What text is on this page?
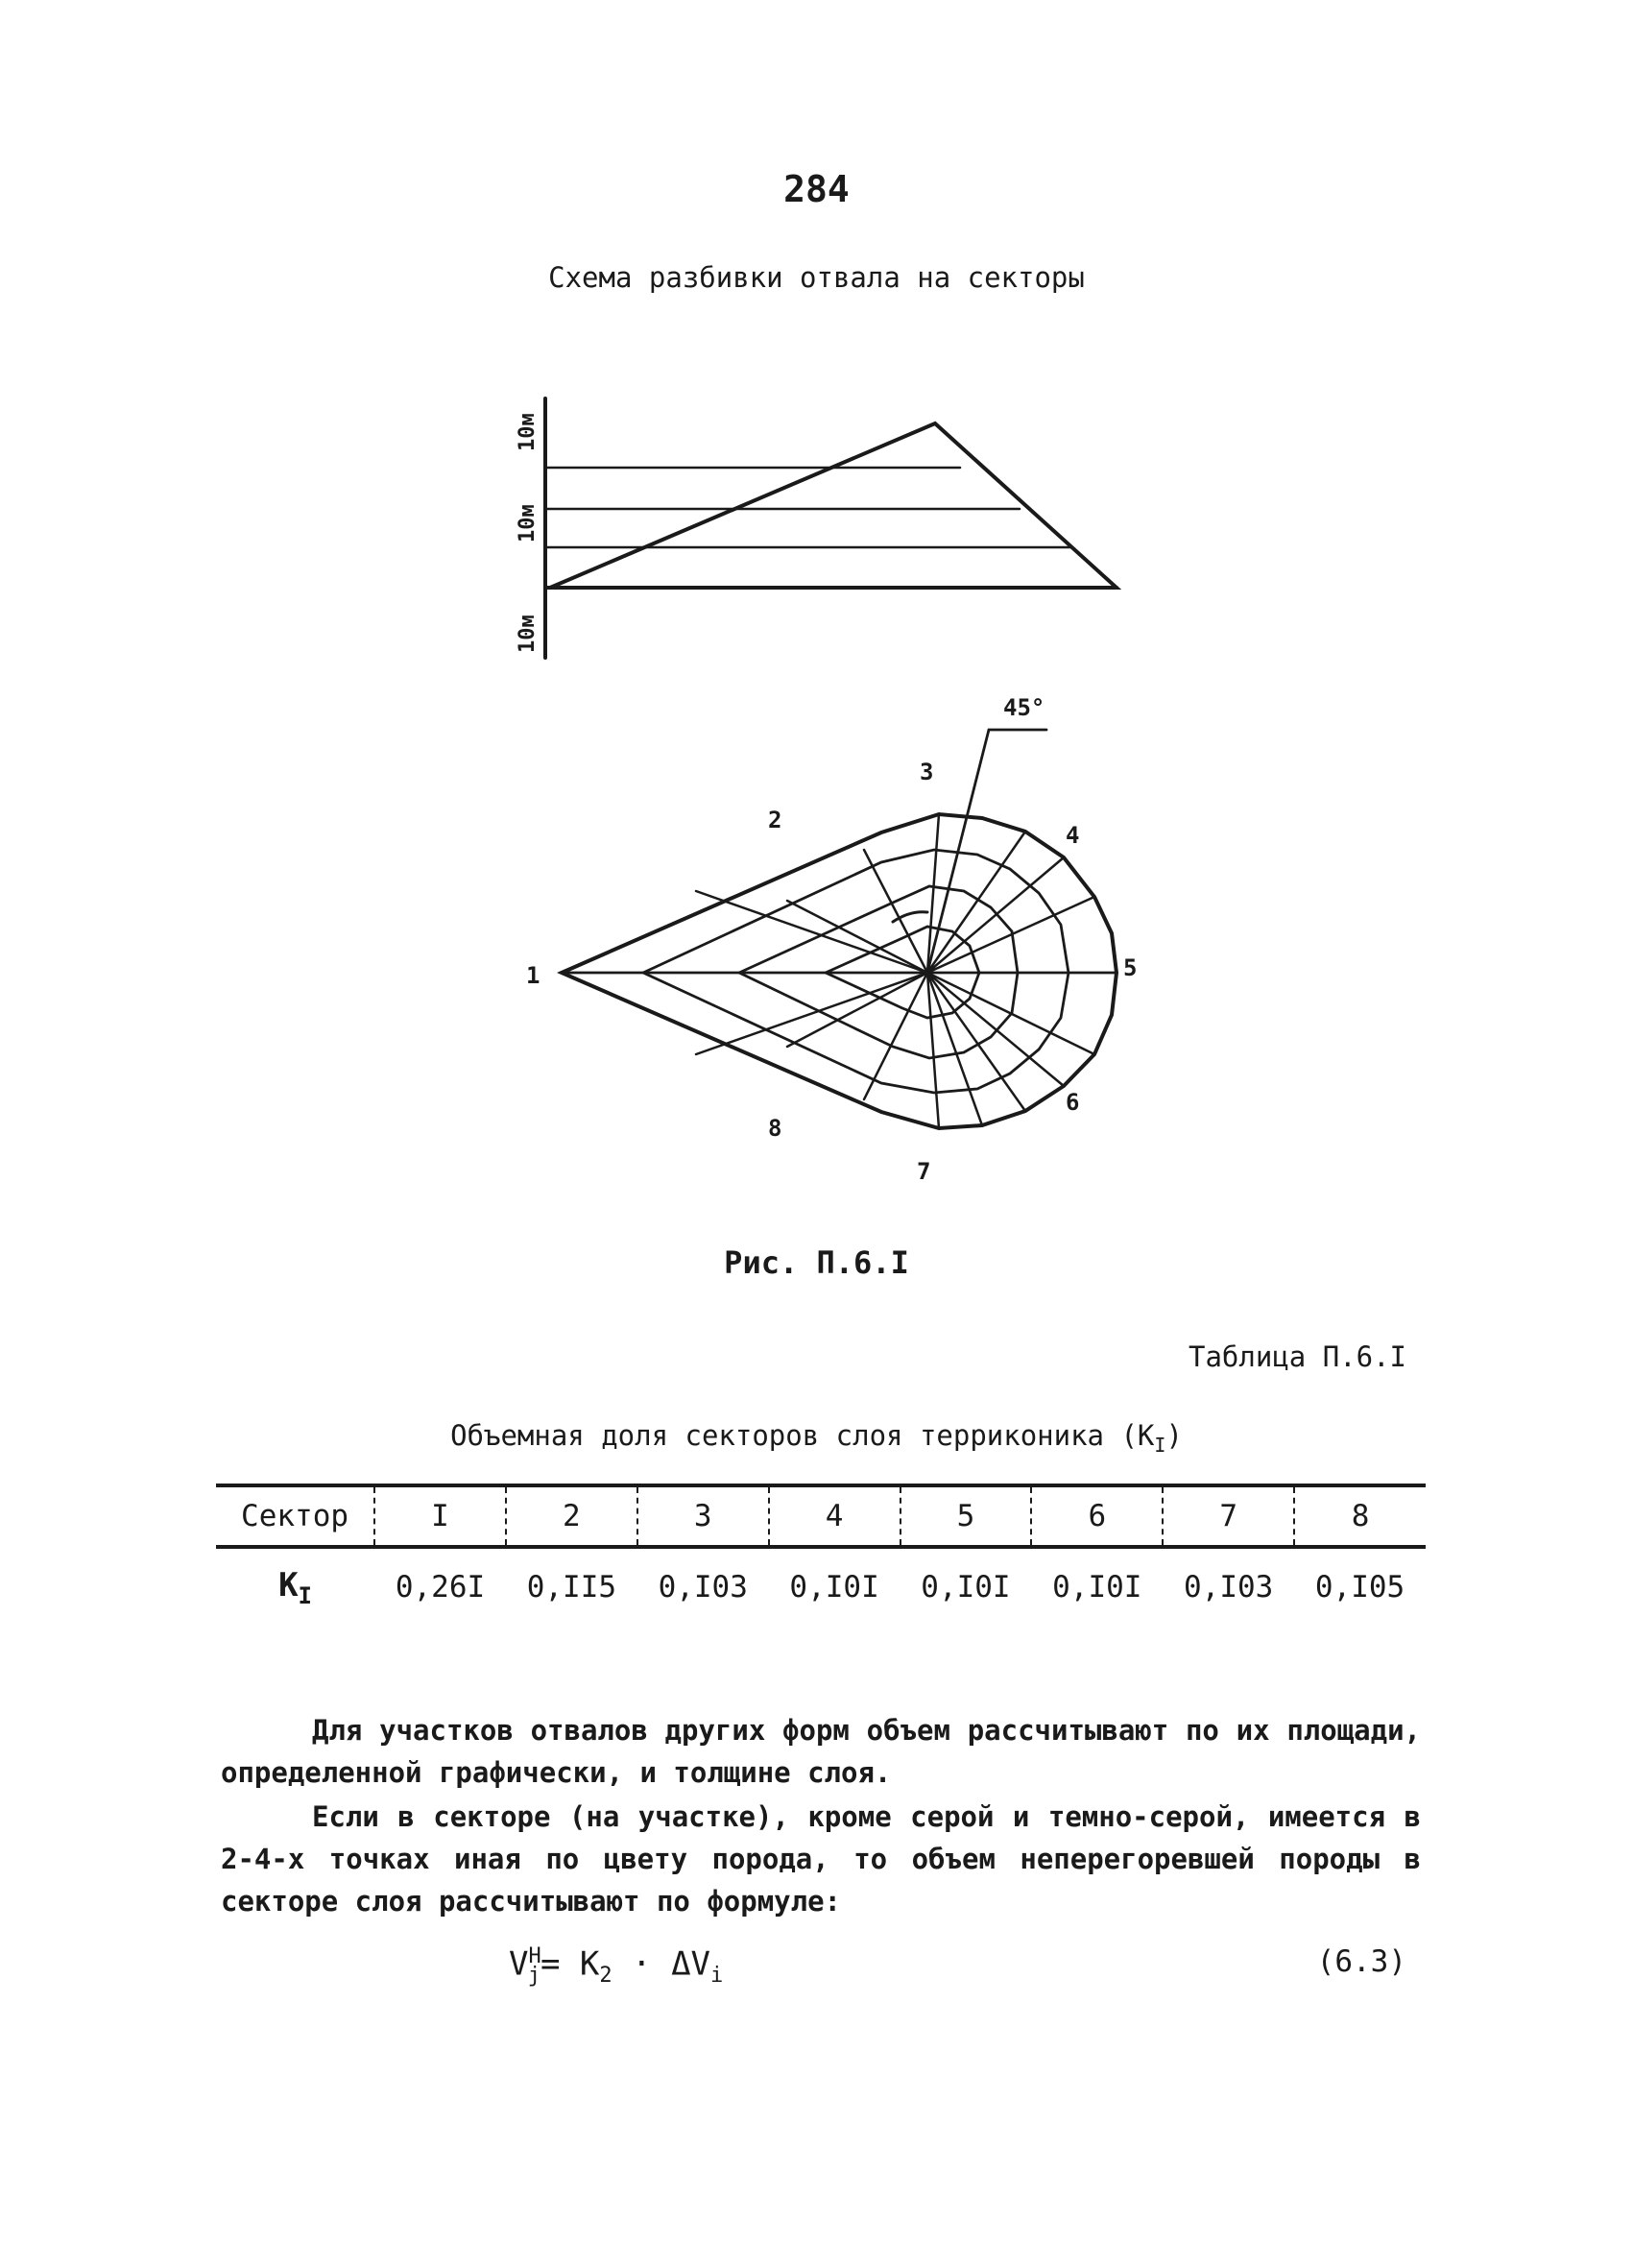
284
Схема разбивки отвала на секторы
10м
10м
10м
45°
1
2
3
4
5
6
7
8
Рис. П.6.I
Таблица П.6.I
Объемная доля секторов слоя терриконика $(K_I)$
Сектор	I	2	3	4	5	6	7	8
$K_I$	0,26I	0,II5	0,I03	0,I0I	0,I0I	0,I0I	0,I03	0,I05
Для участков отвалов других форм объем рассчитывают по их площади, определенной графически, и толщине слоя.
Если в секторе (на участке), кроме серой и темно-серой, имеется в 2-4-х точках иная по цвету порода, то объем неперегоревшей породы в секторе слоя рассчитывают по формуле:
$V^H_j= K_2 \cdot \Delta V_i$	(6.3)
